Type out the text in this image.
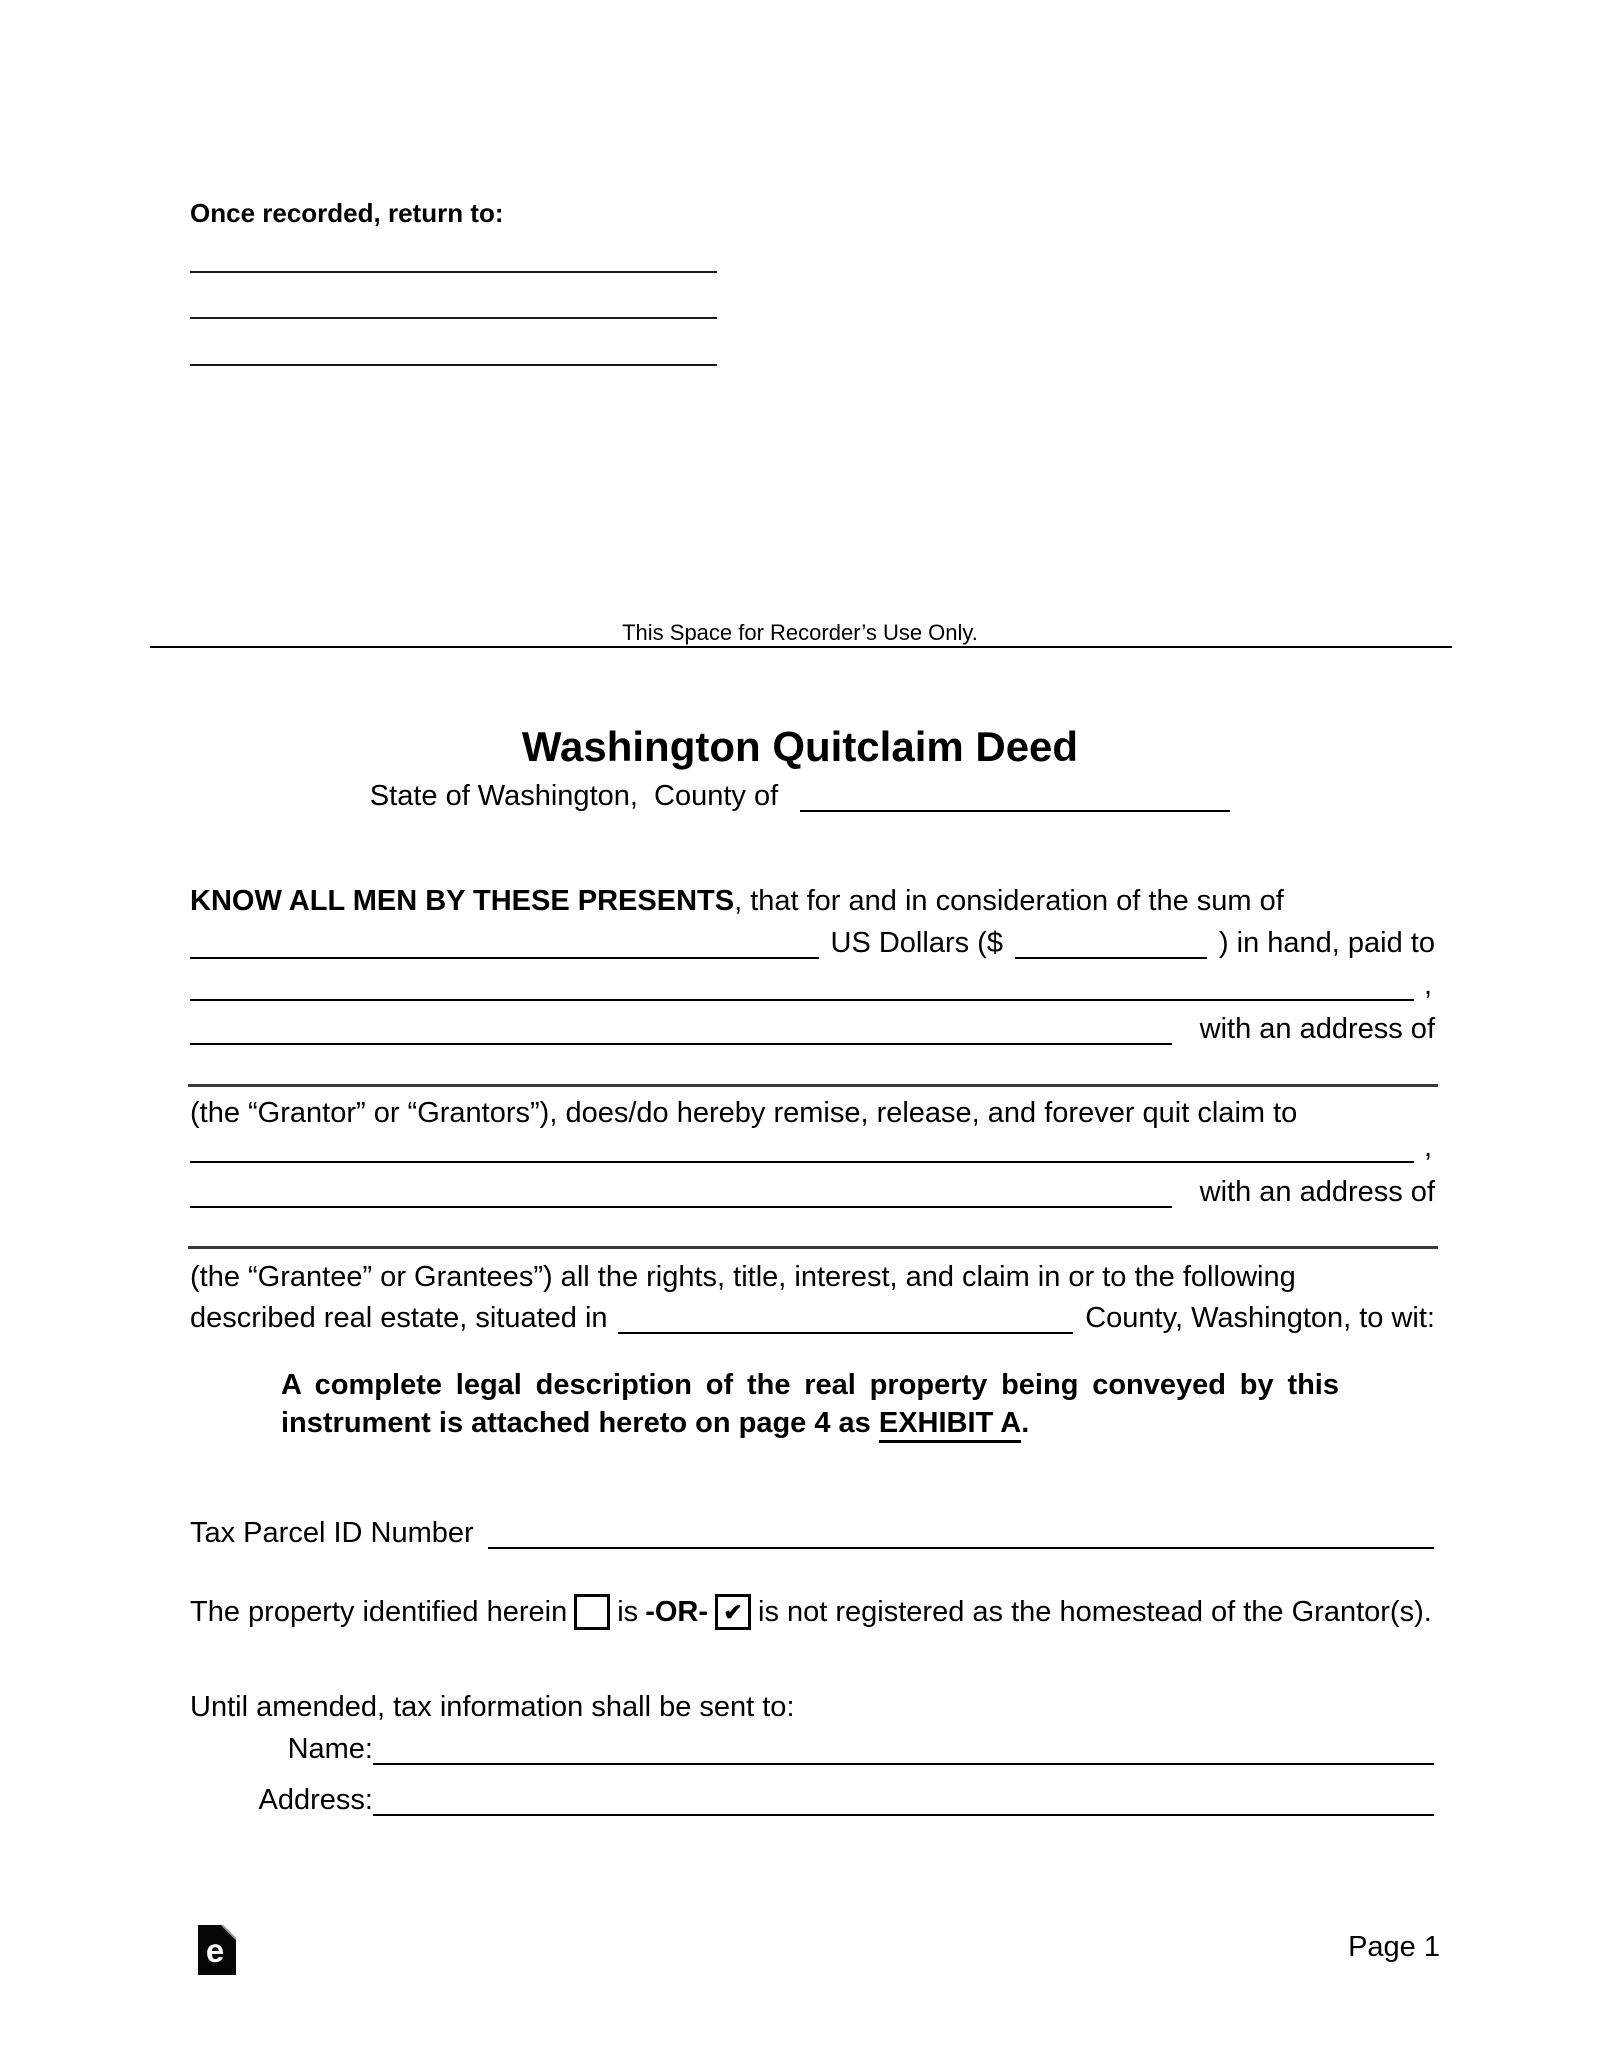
Once recorded, return to:
This Space for Recorder’s Use Only.
Washington Quitclaim Deed
State of Washington,  County of
KNOW ALL MEN BY THESE PRESENTS, that for and in consideration of the sum of
US Dollars ($	) in hand, paid to
,
with an address of
(the “Grantor” or “Grantors”), does/do hereby remise, release, and forever quit claim to
,
with an address of
(the “Grantee” or Grantees”) all the rights, title, interest, and claim in or to the following
described real estate, situated in	County, Washington, to wit:
A complete legal description of the real property being conveyed by this instrument is attached hereto on page 4 as EXHIBIT A.
Tax Parcel ID Number
The property identified herein is -OR- ✔ is not registered as the homestead of the Grantor(s).
Until amended, tax information shall be sent to:
Name:
Address:
e	Page 1
